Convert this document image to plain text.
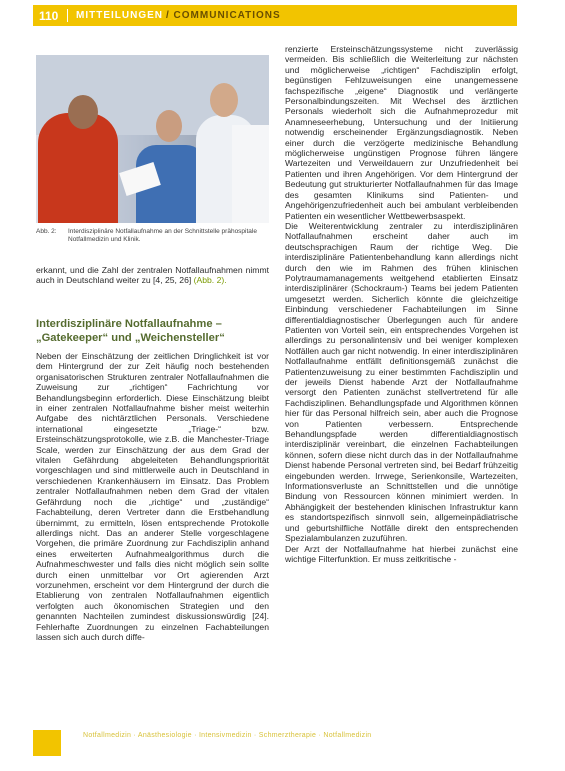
110 MITTEILUNGEN / COMMUNICATIONS
Abb. 2: Interdisziplinäre Notfallaufnahme an der Schnittstelle prähospitale Notfallmedizin und Klinik.
erkannt, und die Zahl der zentralen Notfallaufnahmen nimmt auch in Deutschland weiter zu [4, 25, 26] (Abb. 2).
Interdisziplinäre Notfallaufnahme – „Gatekeeper“ und „Weichensteller“
Neben der Einschätzung der zeitlichen Dringlichkeit ist vor dem Hintergrund der zur Zeit häufig noch bestehenden organisatorischen Strukturen zentraler Notfallaufnahmen die Zuweisung zur „richtigen“ Fachrichtung vor Behandlungsbeginn erforderlich. Diese Einschätzung bleibt in einer zentralen Notfallaufnahme bisher meist weiterhin Aufgabe des nichtärztlichen Personals. Verschiedene international eingesetzte „Triage-“ bzw. Ersteinschätzungsprotokolle, wie z.B. die Manchester-Triage Scale, werden zur Einschätzung der aus dem Grad der vitalen Gefährdung abgeleiteten Behandlungspriorität vorgeschlagen und sind mittlerweile auch in Deutschland in verschiedenen Krankenhäusern im Einsatz. Das Problem zentraler Notfallaufnahmen neben dem Grad der vitalen Gefährdung noch die „richtige“ und „zuständige“ Fachabteilung, deren Vertreter dann die Erstbehandlung übernimmt, zu ermitteln, lösen entsprechende Protokolle allerdings nicht. Das an anderer Stelle vorgeschlagene Vorgehen, die primäre Zuordnung zur Fachdisziplin anhand eines erweiterten Aufnahmealgorithmus durch die Aufnahmeschwester und falls dies nicht möglich sein sollte durch einen unmittelbar vor Ort agierenden Arzt vorzunehmen, erscheint vor dem Hintergrund der durch die Etablierung von zentralen Notfallaufnahmen eigentlich verfolgten auch ökonomischen Strategien und den genannten Nachteilen zumindest diskussionswürdig [24]. Fehlerhafte Zuordnungen zu einzelnen Fachabteilungen lassen sich auch durch diffe-
renzierte Ersteinschätzungssysteme nicht zuverlässig vermeiden. Bis schließlich die Weiterleitung zur nächsten und möglicherweise „richtigen“ Fachdisziplin erfolgt, begünstigen Fehlzuweisungen eine unangemessene fachspezifische „eigene“ Diagnostik und verlängerte Personalbindungszeiten. Mit Wechsel des ärztlichen Personals wiederholt sich die Aufnahmeprozedur mit Anamneseerhebung, Untersuchung und der Initiierung notwendig erscheinender Ergänzungsdiagnostik. Neben einer durch die verzögerte medizinische Behandlung möglicherweise ungünstigen Prognose führen längere Wartezeiten und Verweildauern zur Unzufriedenheit bei Patienten und ihren Angehörigen. Vor dem Hintergrund der Bedeutung gut strukturierter Notfallaufnahmen für das Image des gesamten Klinikums sind Patienten- und Angehörigenzufriedenheit auch bei ambulant verbleibenden Patienten ein wesentlicher Wettbewerbsaspekt.
Die Weiterentwicklung zentraler zu interdisziplinären Notfallaufnahmen erscheint daher auch im deutschsprachigen Raum der richtige Weg. Die interdisziplinäre Patientenbehandlung kann allerdings nicht durch den wie im Rahmen des frühen klinischen Polytraumamanagements weitgehend etablierten Einsatz interdisziplinärer (Schockraum-) Teams bei jedem Patienten umgesetzt werden. Sicherlich könnte die gleichzeitige Einbindung verschiedener Fachabteilungen im Sinne differentialdiagnostischer Überlegungen auch für andere Patienten von Vorteil sein, ein entsprechendes Vorgehen ist allerdings zu personalintensiv und bei weniger komplexen Notfällen auch gar nicht notwendig. In einer interdisziplinären Notfallaufnahme entfällt definitionsgemäß zunächst die Patientenzuweisung zu einer bestimmten Fachdisziplin und der jeweils Dienst habende Arzt der Notfallaufnahme versorgt den Patienten zunächst stellvertretend für alle Fachdisziplinen. Behandlungspfade und Algorithmen können hier für das Personal hilfreich sein, aber auch die Prognose von Patienten verbessern. Entsprechende Behandlungspfade werden differentialdiagnostisch interdisziplinär vereinbart, die einzelnen Fachabteilungen können, sofern diese nicht durch das in der Notfallaufnahme Dienst habende Personal vertreten sind, bei Bedarf frühzeitig eingebunden werden. Irrwege, Serienkonsile, Wartezeiten, Informationsverluste an Schnittstellen und die unnötige Bindung von Ressourcen können minimiert werden. In Abhängigkeit der bestehenden klinischen Infrastruktur kann es standortspezifisch sinnvoll sein, allgemeinpädiatrische und geburtshilfliche Notfälle direkt den entsprechenden Spezialambulanzen zuzuführen.
Der Arzt der Notfallaufnahme hat hierbei zunächst eine wichtige Filterfunktion. Er muss zeitkritische -
Notfallmedizin · Anästhesiologie · Intensivmedizin · Schmerztherapie · Notfallmedizin
